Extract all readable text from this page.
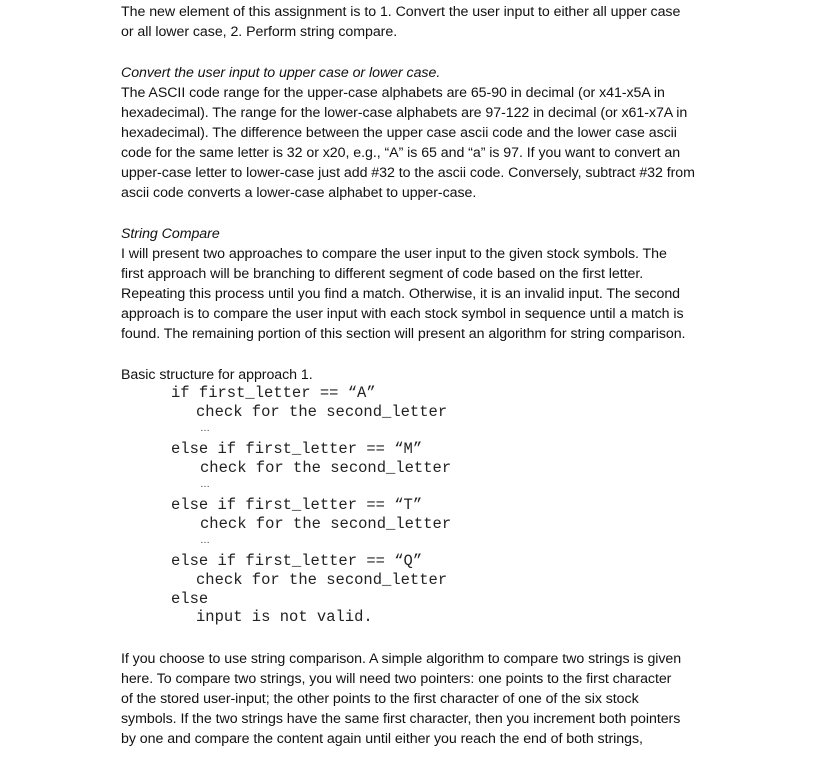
The new element of this assignment is to 1. Convert the user input to either all upper case
or all lower case, 2. Perform string compare.
Convert the user input to upper case or lower case.
The ASCII code range for the upper-case alphabets are 65-90 in decimal (or x41-x5A in
hexadecimal). The range for the lower-case alphabets are 97-122 in decimal (or x61-x7A in
hexadecimal). The difference between the upper case ascii code and the lower case ascii
code for the same letter is 32 or x20, e.g., “A” is 65 and “a” is 97. If you want to convert an
upper-case letter to lower-case just add #32 to the ascii code. Conversely, subtract #32 from
ascii code converts a lower-case alphabet to upper-case.
String Compare
I will present two approaches to compare the user input to the given stock symbols. The
first approach will be branching to different segment of code based on the first letter.
Repeating this process until you find a match. Otherwise, it is an invalid input. The second
approach is to compare the user input with each stock symbol in sequence until a match is
found. The remaining portion of this section will present an algorithm for string comparison.
Basic structure for approach 1.
if first_letter == “A”
check for the second_letter
…
else if first_letter == “M”
check for the second_letter
…
else if first_letter == “T”
check for the second_letter
…
else if first_letter == “Q”
check for the second_letter
else
input is not valid.
If you choose to use string comparison. A simple algorithm to compare two strings is given
here. To compare two strings, you will need two pointers: one points to the first character
of the stored user-input; the other points to the first character of one of the six stock
symbols. If the two strings have the same first character, then you increment both pointers
by one and compare the content again until either you reach the end of both strings,
